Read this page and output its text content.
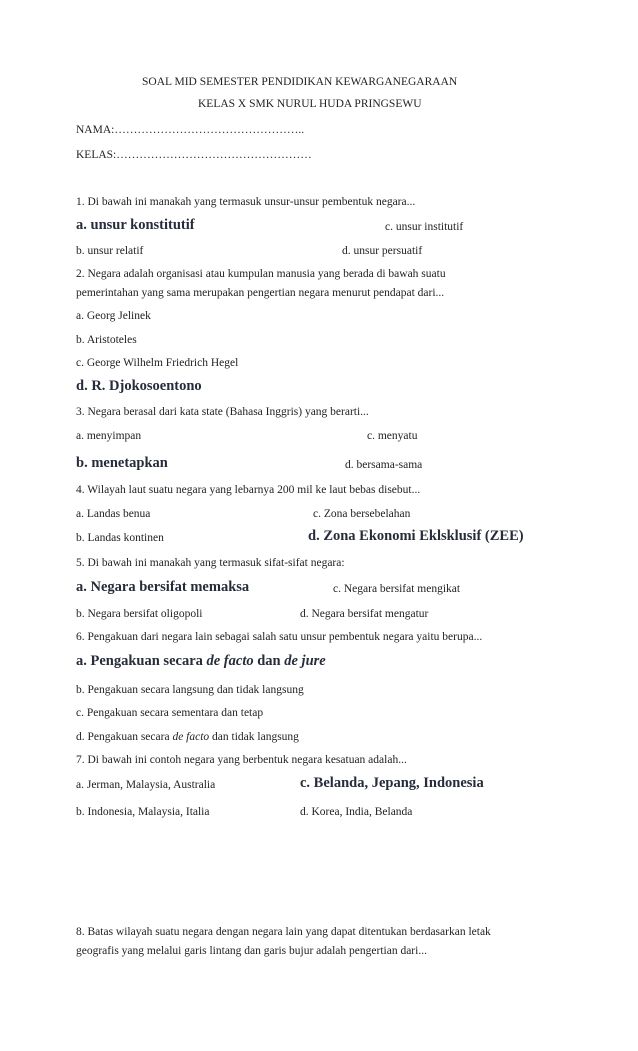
SOAL MID SEMESTER PENDIDIKAN KEWARGANEGARAAN
KELAS X SMK NURUL HUDA PRINGSEWU
NAMA:…………………………………………..
KELAS:……………………………………………
1. Di bawah ini manakah yang termasuk unsur-unsur pembentuk negara...
a. unsur konstitutif	c. unsur institutif
b. unsur relatif	d. unsur persuatif
2. Negara adalah organisasi atau kumpulan manusia yang berada di bawah suatu
pemerintahan yang sama merupakan pengertian negara menurut pendapat dari...
a. Georg Jelinek
b. Aristoteles
c. George Wilhelm Friedrich Hegel
d. R. Djokosoentono
3. Negara berasal dari kata state (Bahasa Inggris) yang berarti...
a. menyimpan	c. menyatu
b. menetapkan	d. bersama-sama
4. Wilayah laut suatu negara yang lebarnya 200 mil ke laut bebas disebut...
a. Landas benua	c. Zona bersebelahan
b. Landas kontinen	d. Zona Ekonomi Eklsklusif (ZEE)
5. Di bawah ini manakah yang termasuk sifat-sifat negara:
a. Negara bersifat memaksa	c. Negara bersifat mengikat
b. Negara bersifat oligopoli	d. Negara bersifat mengatur
6. Pengakuan dari negara lain sebagai salah satu unsur pembentuk negara yaitu berupa...
a. Pengakuan secara de facto dan de jure
b. Pengakuan secara langsung dan tidak langsung
c. Pengakuan secara sementara dan tetap
d. Pengakuan secara de facto dan tidak langsung
7. Di bawah ini contoh negara yang berbentuk negara kesatuan adalah...
a. Jerman, Malaysia, Australia	c. Belanda, Jepang, Indonesia
b. Indonesia, Malaysia, Italia	d. Korea, India, Belanda
8. Batas wilayah suatu negara dengan negara lain yang dapat ditentukan berdasarkan letak
geografis yang melalui garis lintang dan garis bujur adalah pengertian dari...
